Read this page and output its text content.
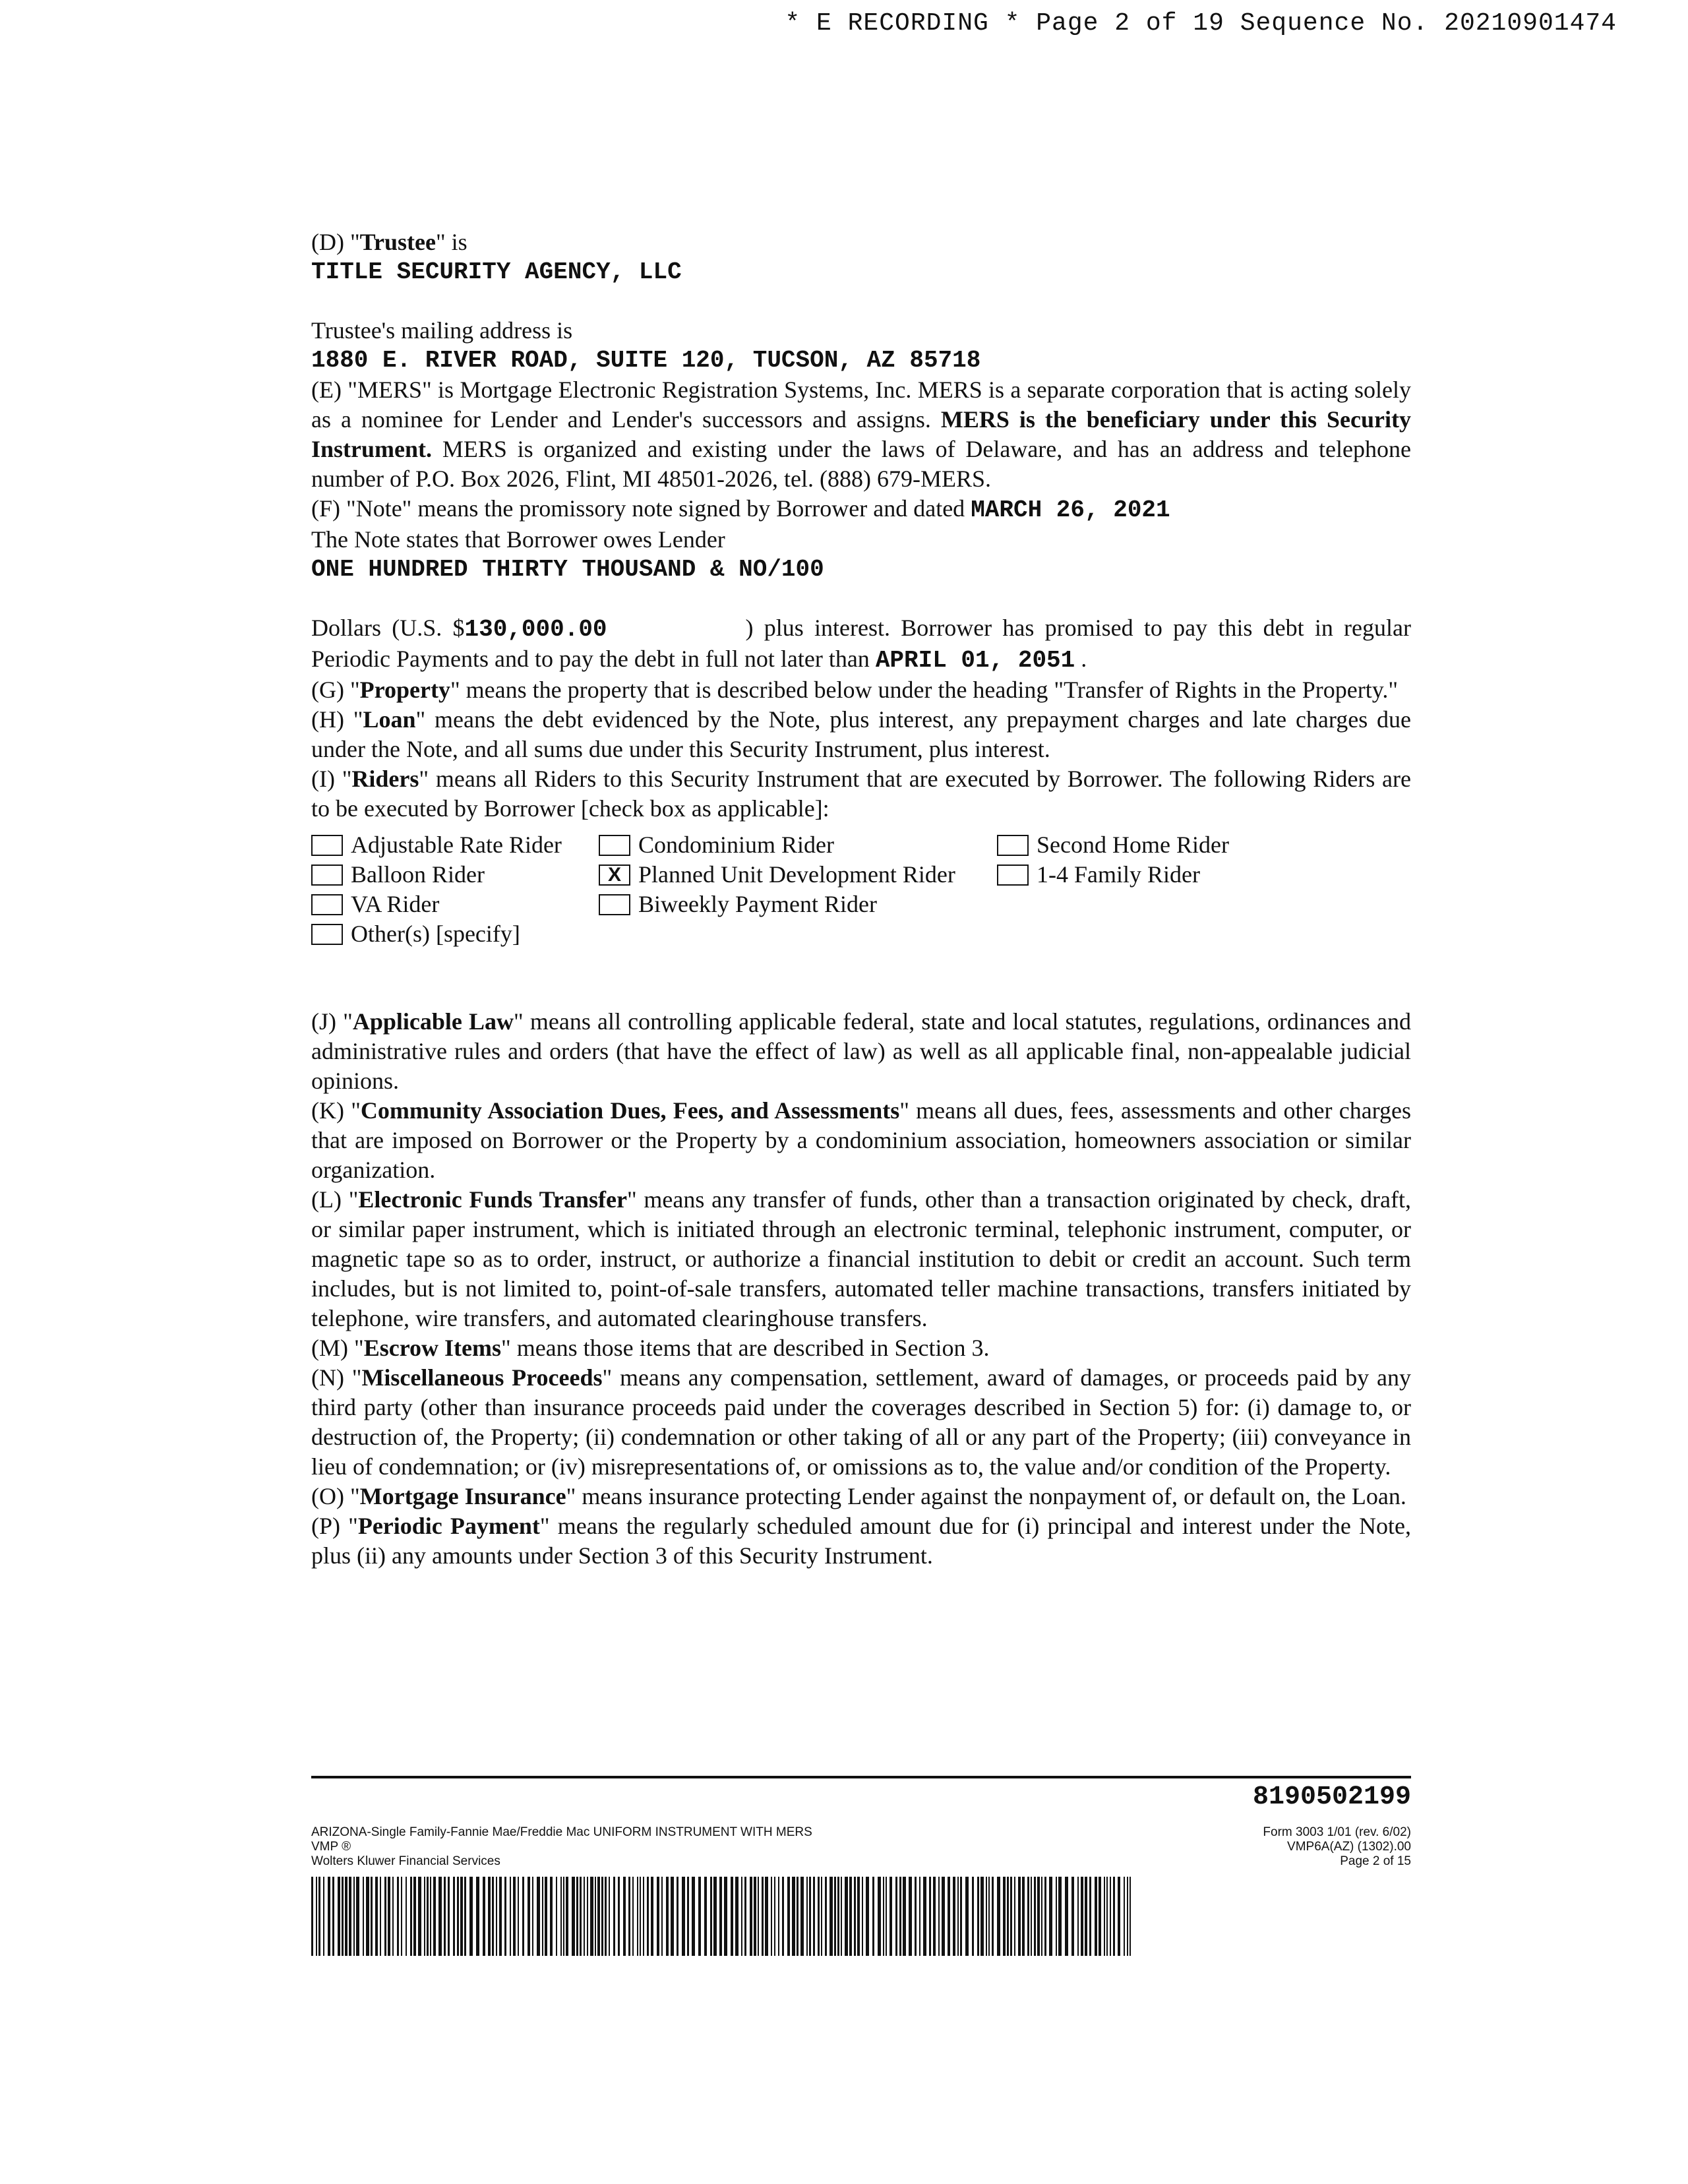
* E RECORDING * Page 2 of 19 Sequence No. 20210901474
(D) "Trustee" is
TITLE SECURITY AGENCY, LLC
Trustee's mailing address is
1880 E. RIVER ROAD, SUITE 120, TUCSON, AZ 85718

(E) "MERS" is Mortgage Electronic Registration Systems, Inc. MERS is a separate corporation that is acting solely as a nominee for Lender and Lender's successors and assigns. MERS is the beneficiary under this Security Instrument. MERS is organized and existing under the laws of Delaware, and has an address and telephone number of P.O. Box 2026, Flint, MI 48501-2026, tel. (888) 679-MERS.

(F) "Note" means the promissory note signed by Borrower and dated MARCH 26, 2021

The Note states that Borrower owes Lender
ONE HUNDRED THIRTY THOUSAND & NO/100

Dollars (U.S. $130,000.00	) plus interest. Borrower has promised to pay this debt in regular Periodic Payments and to pay the debt in full not later than APRIL 01, 2051 .

(G) "Property" means the property that is described below under the heading "Transfer of Rights in the Property."

(H) "Loan" means the debt evidenced by the Note, plus interest, any prepayment charges and late charges due under the Note, and all sums due under this Security Instrument, plus interest.

(I) "Riders" means all Riders to this Security Instrument that are executed by Borrower. The following Riders are to be executed by Borrower [check box as applicable]:

Adjustable Rate Rider
Balloon Rider
VA Rider
Other(s) [specify]
Condominium Rider
X Planned Unit Development Rider
Biweekly Payment Rider
Second Home Rider
1-4 Family Rider

(J) "Applicable Law" means all controlling applicable federal, state and local statutes, regulations, ordinances and administrative rules and orders (that have the effect of law) as well as all applicable final, non-appealable judicial opinions.

(K) "Community Association Dues, Fees, and Assessments" means all dues, fees, assessments and other charges that are imposed on Borrower or the Property by a condominium association, homeowners association or similar organization.

(L) "Electronic Funds Transfer" means any transfer of funds, other than a transaction originated by check, draft, or similar paper instrument, which is initiated through an electronic terminal, telephonic instrument, computer, or magnetic tape so as to order, instruct, or authorize a financial institution to debit or credit an account. Such term includes, but is not limited to, point-of-sale transfers, automated teller machine transactions, transfers initiated by telephone, wire transfers, and automated clearinghouse transfers.

(M) "Escrow Items" means those items that are described in Section 3.

(N) "Miscellaneous Proceeds" means any compensation, settlement, award of damages, or proceeds paid by any third party (other than insurance proceeds paid under the coverages described in Section 5) for: (i) damage to, or destruction of, the Property; (ii) condemnation or other taking of all or any part of the Property; (iii) conveyance in lieu of condemnation; or (iv) misrepresentations of, or omissions as to, the value and/or condition of the Property.

(O) "Mortgage Insurance" means insurance protecting Lender against the nonpayment of, or default on, the Loan.

(P) "Periodic Payment" means the regularly scheduled amount due for (i) principal and interest under the Note, plus (ii) any amounts under Section 3 of this Security Instrument.

8190502199
ARIZONA-Single Family-Fannie Mae/Freddie Mac UNIFORM INSTRUMENT WITH MERS
VMP ®
Wolters Kluwer Financial Services
Form 3003 1/01 (rev. 6/02)
VMP6A(AZ) (1302).00
Page 2 of 15
